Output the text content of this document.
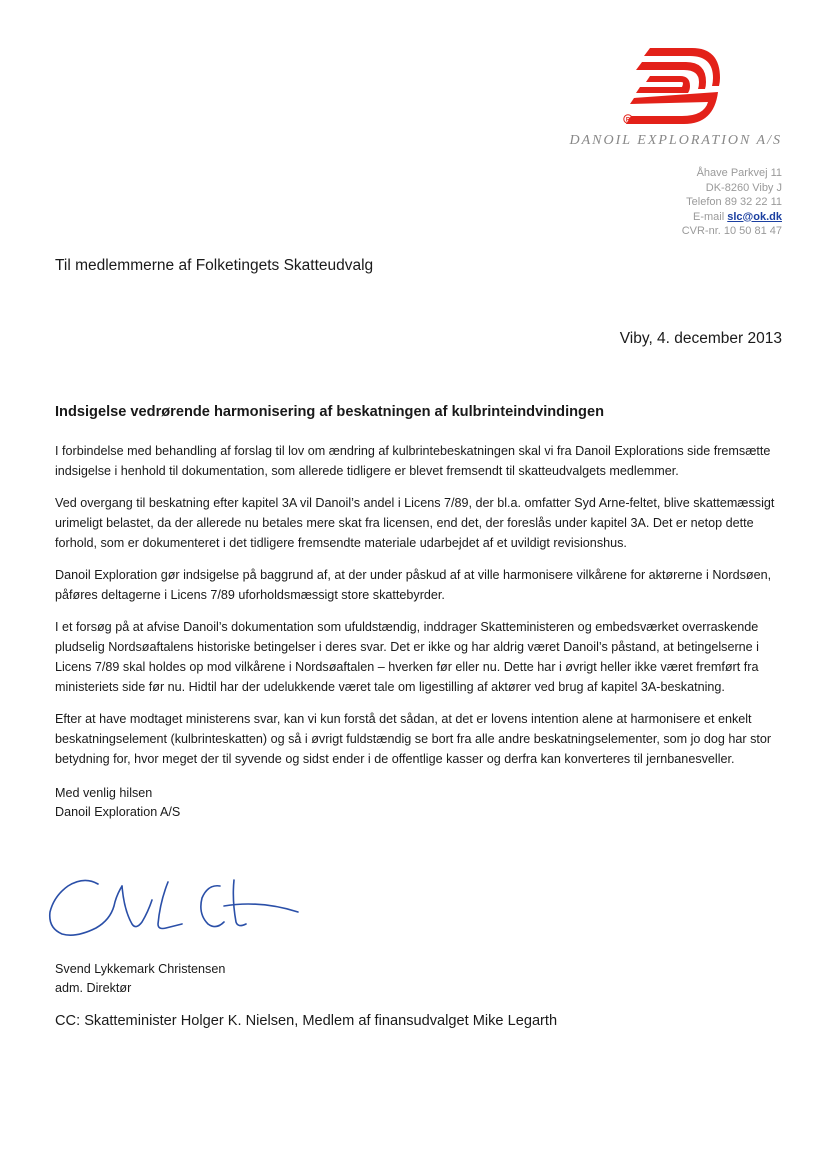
R
DANOIL EXPLORATION A/S
Åhave Parkvej 11
DK-8260 Viby J
Telefon 89 32 22 11
E-mail slc@ok.dk
CVR-nr. 10 50 81 47
Til medlemmerne af Folketingets Skatteudvalg
Viby, 4. december 2013
Indsigelse vedrørende harmonisering af beskatningen af kulbrinteindvindingen

I forbindelse med behandling af forslag til lov om ændring af kulbrintebeskatningen skal vi fra Danoil Explorations side fremsætte indsigelse i henhold til dokumentation, som allerede tidligere er blevet fremsendt til skatteudvalgets medlemmer.

Ved overgang til beskatning efter kapitel 3A vil Danoil’s andel i Licens 7/89, der bl.a. omfatter Syd Arne-feltet, blive skattemæssigt urimeligt belastet, da der allerede nu betales mere skat fra licensen, end det, der foreslås under kapitel 3A. Det er netop dette forhold, som er dokumenteret i det tidligere fremsendte materiale udarbejdet af et uvildigt revisionshus.

Danoil Exploration gør indsigelse på baggrund af, at der under påskud af at ville harmonisere vilkårene for aktørerne i Nordsøen, påføres deltagerne i Licens 7/89 uforholdsmæssigt store skattebyrder.

I et forsøg på at afvise Danoil’s dokumentation som ufuldstændig, inddrager Skatteministeren og embedsværket overraskende pludselig Nordsøaftalens historiske betingelser i deres svar. Det er ikke og har aldrig været Danoil’s påstand, at betingelserne i Licens 7/89 skal holdes op mod vilkårene i Nordsøaftalen – hverken før eller nu. Dette har i øvrigt heller ikke været fremført fra ministeriets side før nu. Hidtil har der udelukkende været tale om ligestilling af aktører ved brug af kapitel 3A-beskatning.

Efter at have modtaget ministerens svar, kan vi kun forstå det sådan, at det er lovens intention alene at harmonisere et enkelt beskatningselement (kulbrinteskatten) og så i øvrigt fuldstændig se bort fra alle andre beskatningselementer, som jo dog har stor betydning for, hvor meget der til syvende og sidst ender i de offentlige kasser og derfra kan konverteres til jernbanesveller.

Med venlig hilsen
Danoil Exploration A/S
Svend Lykkemark Christensen
adm. Direktør
CC: Skatteminister Holger K. Nielsen, Medlem af finansudvalget Mike Legarth
